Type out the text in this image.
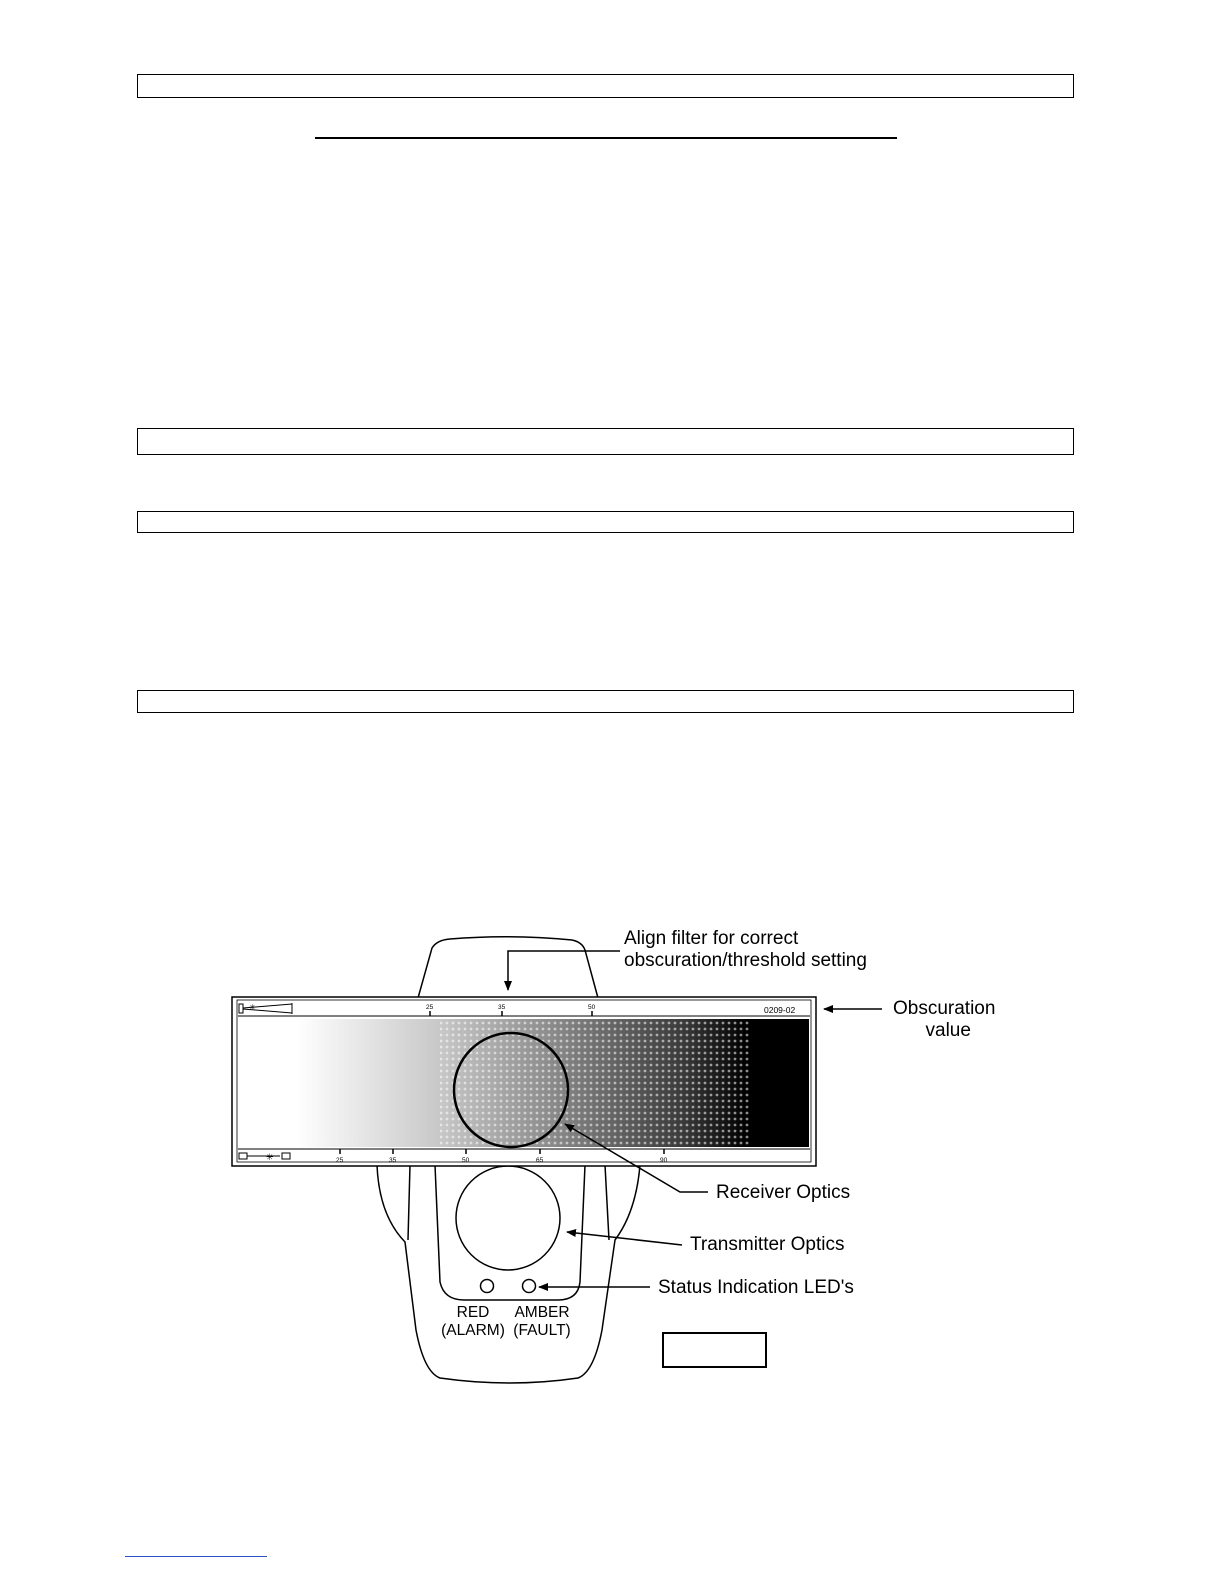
✳
✳
0209-02
25	35	50
25	35	50	65	90
Align filter for correct
obscuration/threshold setting
Obscuration
value
Receiver Optics
Transmitter Optics
Status Indication LED's
RED
(ALARM)
AMBER
(FAULT)
